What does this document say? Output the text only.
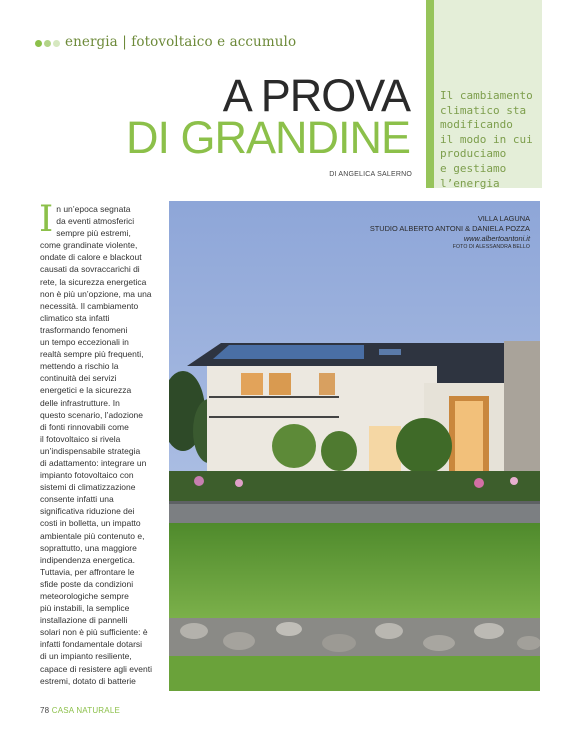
energia | fotovoltaico e accumulo

Il cambiamento
climatico sta
modificando
il modo in cui
produciamo
e gestiamo
l’energia

A PROVA
DI GRANDINE
DI ANGELICA SALERNO

In un’epoca segnata
da eventi atmosferici
sempre più estremi,
come grandinate violente,
ondate di calore e blackout
causati da sovraccarichi di
rete, la sicurezza energetica
non è più un’opzione, ma una
necessità. Il cambiamento
climatico sta infatti
trasformando fenomeni
un tempo eccezionali in
realtà sempre più frequenti,
mettendo a rischio la
continuità dei servizi
energetici e la sicurezza
delle infrastrutture. In
questo scenario, l’adozione
di fonti rinnovabili come
il fotovoltaico si rivela
un’indispensabile strategia
di adattamento: integrare un
impianto fotovoltaico con
sistemi di climatizzazione
consente infatti una
significativa riduzione dei
costi in bolletta, un impatto
ambientale più contenuto e,
soprattutto, una maggiore
indipendenza energetica.
Tuttavia, per affrontare le
sfide poste da condizioni
meteorologiche sempre
più instabili, la semplice
installazione di pannelli
solari non è più sufficiente: è
infatti fondamentale dotarsi
di un impianto resiliente,
capace di resistere agli eventi
estremi, dotato di batterie

VILLA LAGUNA
STUDIO ALBERTO ANTONI & DANIELA POZZA
www.albertoantoni.it
FOTO DI ALESSANDRA BELLO
78 CASA NATURALE
